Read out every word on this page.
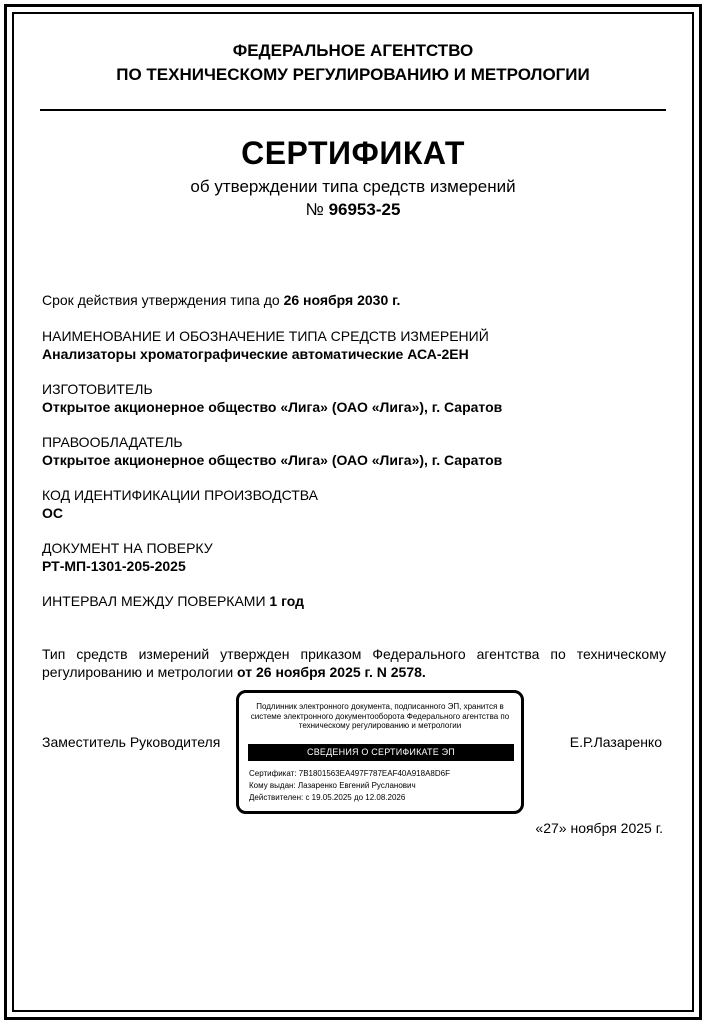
ФЕДЕРАЛЬНОЕ АГЕНТСТВО
ПО ТЕХНИЧЕСКОМУ РЕГУЛИРОВАНИЮ И МЕТРОЛОГИИ
СЕРТИФИКАТ
об утверждении типа средств измерений
№ 96953-25
Срок действия утверждения типа до 26 ноября 2030 г.
НАИМЕНОВАНИЕ И ОБОЗНАЧЕНИЕ ТИПА СРЕДСТВ ИЗМЕРЕНИЙ
Анализаторы хроматографические автоматические АСА-2ЕН
ИЗГОТОВИТЕЛЬ
Открытое акционерное общество «Лига» (ОАО «Лига»), г. Саратов
ПРАВООБЛАДАТЕЛЬ
Открытое акционерное общество «Лига» (ОАО «Лига»), г. Саратов
КОД ИДЕНТИФИКАЦИИ ПРОИЗВОДСТВА
ОС
ДОКУМЕНТ НА ПОВЕРКУ
РТ-МП-1301-205-2025
ИНТЕРВАЛ МЕЖДУ ПОВЕРКАМИ 1 год
Тип средств измерений утвержден приказом Федерального агентства по техническому регулированию и метрологии от 26 ноября 2025 г. N 2578.
Заместитель Руководителя	Е.Р.Лазаренко
Подлинник электронного документа, подписанного ЭП, хранится в системе электронного документооборота Федерального агентства по техническому регулированию и метрологии
СВЕДЕНИЯ О СЕРТИФИКАТЕ ЭП
Сертификат: 7B1801563EA497F787EAF40A918A8D6F
Кому выдан: Лазаренко Евгений Русланович
Действителен: с 19.05.2025 до 12.08.2026
«27» ноября 2025 г.
